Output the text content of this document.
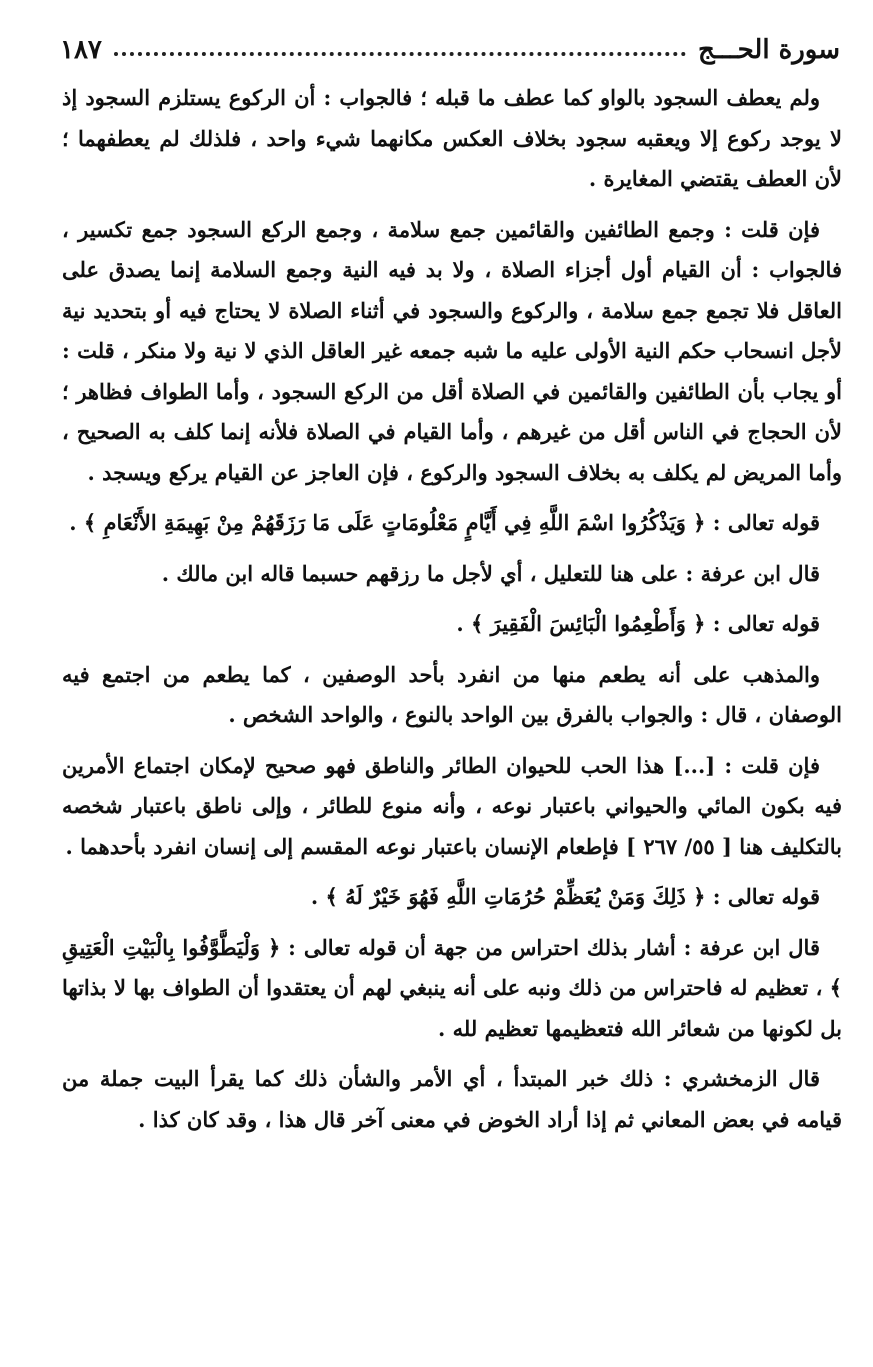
سورة الحـــج
١٨٧

ولم يعطف السجود بالواو كما عطف ما قبله ؛ فالجواب : أن الركوع يستلزم السجود إذ لا يوجد ركوع إلا ويعقبه سجود بخلاف العكس مكانهما شيء واحد ، فلذلك لم يعطفهما ؛ لأن العطف يقتضي المغايرة .

فإن قلت : وجمع الطائفين والقائمين جمع سلامة ، وجمع الركع السجود جمع تكسير ، فالجواب : أن القيام أول أجزاء الصلاة ، ولا بد فيه النية وجمع السلامة إنما يصدق على العاقل فلا تجمع جمع سلامة ، والركوع والسجود في أثناء الصلاة لا يحتاج فيه أو بتحديد نية لأجل انسحاب حكم النية الأولى عليه ما شبه جمعه غير العاقل الذي لا نية ولا منكر ، قلت : أو يجاب بأن الطائفين والقائمين في الصلاة أقل من الركع السجود ، وأما الطواف فظاهر ؛ لأن الحجاج في الناس أقل من غيرهم ، وأما القيام في الصلاة فلأنه إنما كلف به الصحيح ، وأما المريض لم يكلف به بخلاف السجود والركوع ، فإن العاجز عن القيام يركع ويسجد .

قوله تعالى : ﴿ وَيَذْكُرُوا اسْمَ اللَّهِ فِي أَيَّامٍ مَعْلُومَاتٍ عَلَى مَا رَزَقَهُمْ مِنْ بَهِيمَةِ الأَنْعَامِ ﴾ .

قال ابن عرفة : على هنا للتعليل ، أي لأجل ما رزقهم حسبما قاله ابن مالك .

قوله تعالى : ﴿ وَأَطْعِمُوا الْبَائِسَ الْفَقِيرَ ﴾ .

والمذهب على أنه يطعم منها من انفرد بأحد الوصفين ، كما يطعم من اجتمع فيه الوصفان ، قال : والجواب بالفرق بين الواحد بالنوع ، والواحد الشخص .

فإن قلت : [...] هذا الحب للحيوان الطائر والناطق فهو صحيح لإمكان اجتماع الأمرين فيه بكون المائي والحيواني باعتبار نوعه ، وأنه منوع للطائر ، وإلى ناطق باعتبار شخصه بالتكليف هنا [ ٥٥/ ٢٦٧ ] فإطعام الإنسان باعتبار نوعه المقسم إلى إنسان انفرد بأحدهما .

قوله تعالى : ﴿ ذَلِكَ وَمَنْ يُعَظِّمْ حُرُمَاتِ اللَّهِ فَهُوَ خَيْرٌ لَهُ ﴾ .

قال ابن عرفة : أشار بذلك احتراس من جهة أن قوله تعالى : ﴿ وَلْيَطَّوَّفُوا بِالْبَيْتِ الْعَتِيقِ ﴾ ، تعظيم له فاحتراس من ذلك ونبه على أنه ينبغي لهم أن يعتقدوا أن الطواف بها لا بذاتها بل لكونها من شعائر الله فتعظيمها تعظيم لله .

قال الزمخشري : ذلك خبر المبتدأ ، أي الأمر والشأن ذلك كما يقرأ البيت جملة من قيامه في بعض المعاني ثم إذا أراد الخوض في معنى آخر قال هذا ، وقد كان كذا .
